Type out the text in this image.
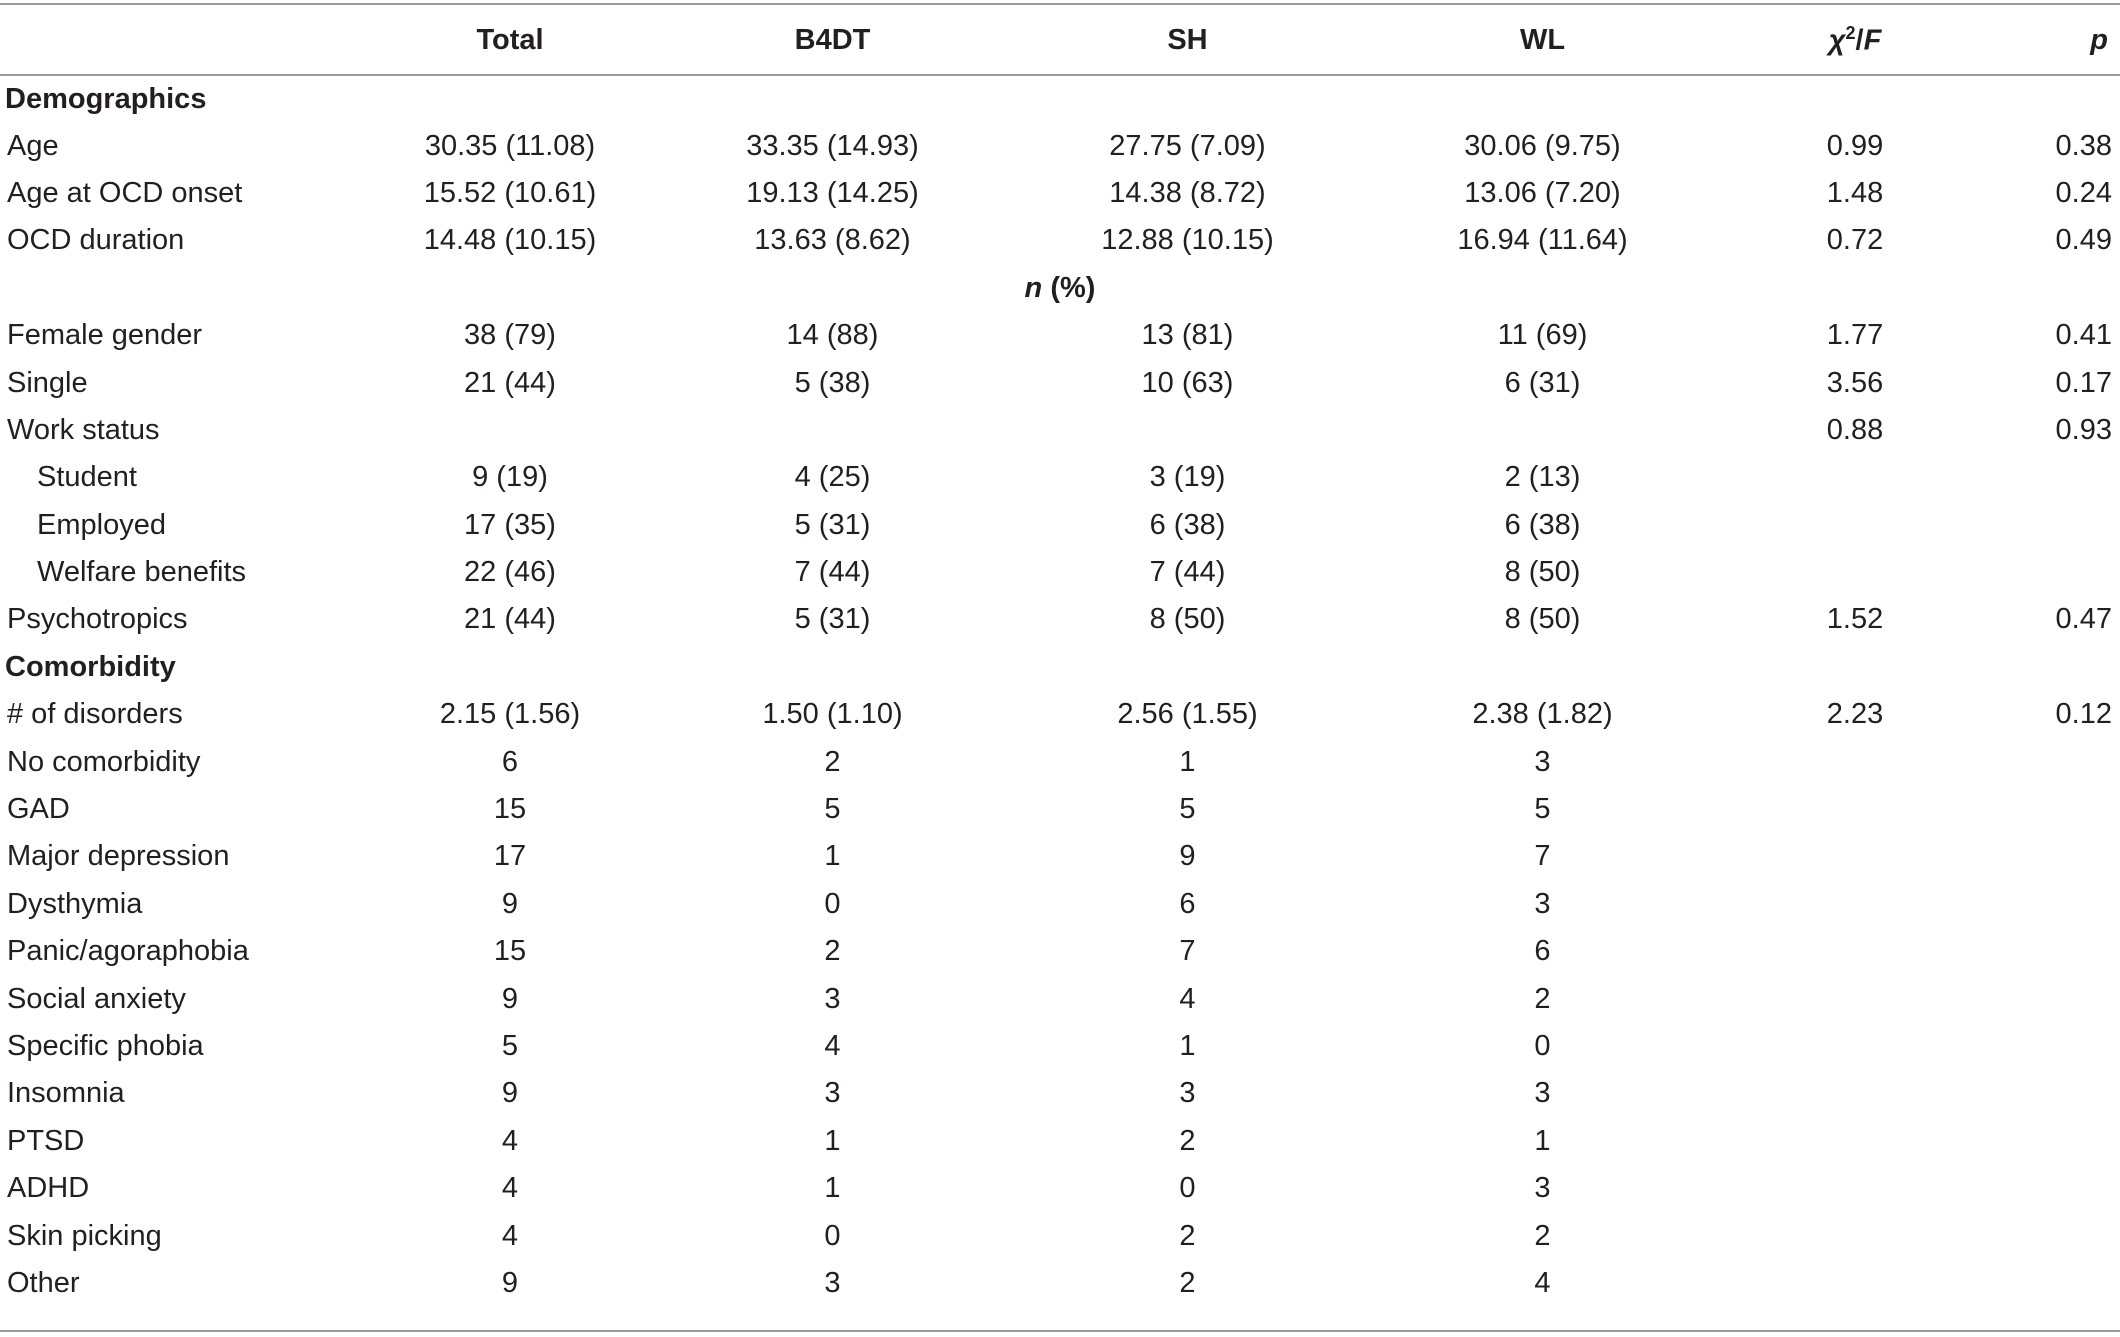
	Total	B4DT	SH	WL	$\chi^2/F$	p
Demographics						
Age	30.35 (11.08)	33.35 (14.93)	27.75 (7.09)	30.06 (9.75)	0.99	0.38
Age at OCD onset	15.52 (10.61)	19.13 (14.25)	14.38 (8.72)	13.06 (7.20)	1.48	0.24
OCD duration	14.48 (10.15)	13.63 (8.62)	12.88 (10.15)	16.94 (11.64)	0.72	0.49
n (%)						
Female gender	38 (79)	14 (88)	13 (81)	11 (69)	1.77	0.41
Single	21 (44)	5 (38)	10 (63)	6 (31)	3.56	0.17
Work status					0.88	0.93
Student	9 (19)	4 (25)	3 (19)	2 (13)		
Employed	17 (35)	5 (31)	6 (38)	6 (38)		
Welfare benefits	22 (46)	7 (44)	7 (44)	8 (50)		
Psychotropics	21 (44)	5 (31)	8 (50)	8 (50)	1.52	0.47
Comorbidity						
# of disorders	2.15 (1.56)	1.50 (1.10)	2.56 (1.55)	2.38 (1.82)	2.23	0.12
No comorbidity	6	2	1	3		
GAD	15	5	5	5		
Major depression	17	1	9	7		
Dysthymia	9	0	6	3		
Panic/agoraphobia	15	2	7	6		
Social anxiety	9	3	4	2		
Specific phobia	5	4	1	0		
Insomnia	9	3	3	3		
PTSD	4	1	2	1		
ADHD	4	1	0	3		
Skin picking	4	0	2	2		
Other	9	3	2	4		
